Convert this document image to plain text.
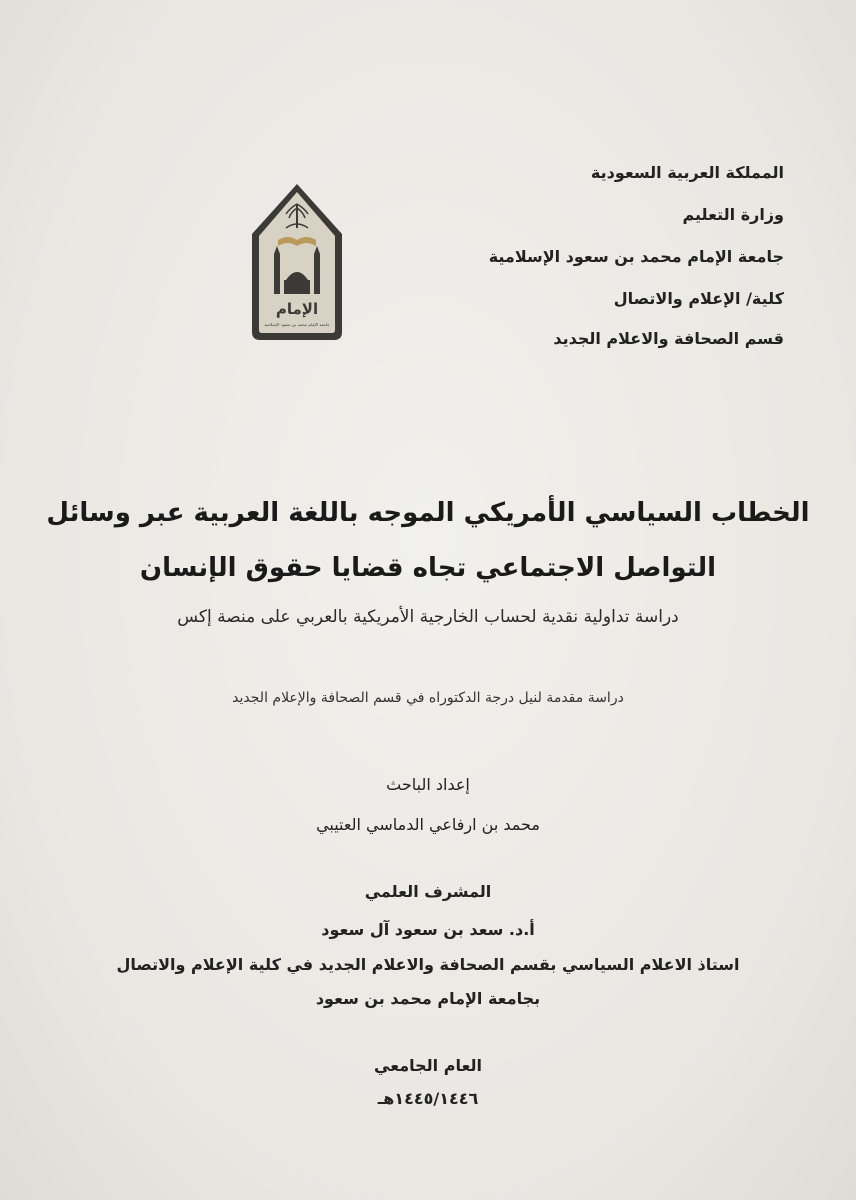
المملكة العربية السعودية
وزارة التعليم
جامعة الإمام محمد بن سعود الإسلامية
كلية/ الإعلام والاتصال
قسم الصحافة والاعلام الجديد
الإمام
جامعة الإمام محمد بن سعود الإسلامية
الخطاب السياسي الأمريكي الموجه باللغة العربية عبر وسائل
التواصل الاجتماعي تجاه قضايا حقوق الإنسان
دراسة تداولية نقدية لحساب الخارجية الأمريكية بالعربي على منصة إكس
دراسة مقدمة لنيل درجة الدكتوراه في قسم الصحافة والإعلام الجديد
إعداد الباحث
محمد بن ارفاعي الدماسي العتيبي
المشرف العلمي
أ.د. سعد بن سعود آل سعود
استاذ الاعلام السياسي بقسم الصحافة والاعلام الجديد في كلية الإعلام والاتصال
بجامعة الإمام محمد بن سعود
العام الجامعي
١٤٤٥/١٤٤٦هـ
